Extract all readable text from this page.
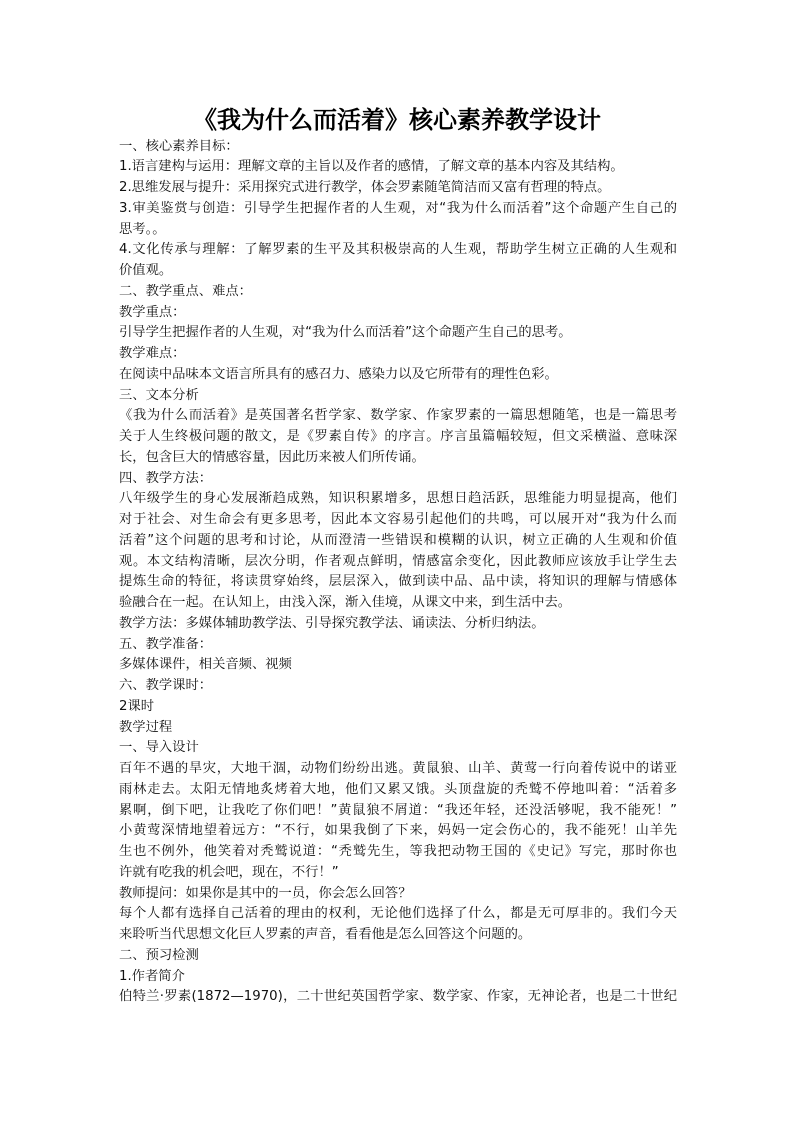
《我为什么而活着》核心素养教学设计
一、核心素养目标：
1.语言建构与运用：理解文章的主旨以及作者的感情，了解文章的基本内容及其结构。
2.思维发展与提升：采用探究式进行教学，体会罗素随笔简洁而又富有哲理的特点。
3.审美鉴赏与创造：引导学生把握作者的人生观，对“我为什么而活着”这个命题产生自己的
思考。。
4.文化传承与理解：了解罗素的生平及其积极崇高的人生观，帮助学生树立正确的人生观和
价值观。
二、教学重点、难点：
教学重点：
引导学生把握作者的人生观，对“我为什么而活着”这个命题产生自己的思考。
教学难点：
在阅读中品味本文语言所具有的感召力、感染力以及它所带有的理性色彩。
三、文本分析
《我为什么而活着》是英国著名哲学家、数学家、作家罗素的一篇思想随笔，也是一篇思考
关于人生终极问题的散文，是《罗素自传》的序言。序言虽篇幅较短，但文采横溢、意味深
长，包含巨大的情感容量，因此历来被人们所传诵。
四、教学方法：
八年级学生的身心发展渐趋成熟，知识积累增多，思想日趋活跃，思维能力明显提高，他们
对于社会、对生命会有更多思考，因此本文容易引起他们的共鸣，可以展开对“我为什么而
活着”这个问题的思考和讨论，从而澄清一些错误和模糊的认识，树立正确的人生观和价值
观。本文结构清晰，层次分明，作者观点鲜明，情感富余变化，因此教师应该放手让学生去
提炼生命的特征，将读贯穿始终，层层深入，做到读中品、品中读，将知识的理解与情感体
验融合在一起。在认知上，由浅入深，渐入佳境，从课文中来，到生活中去。
教学方法：多媒体辅助教学法、引导探究教学法、诵读法、分析归纳法。
五、教学准备：
多媒体课件，相关音频、视频
六、教学课时：
2课时
教学过程
一、导入设计
百年不遇的旱灾，大地干涸，动物们纷纷出逃。黄鼠狼、山羊、黄莺一行向着传说中的诺亚
雨林走去。太阳无情地炙烤着大地，他们又累又饿。头顶盘旋的秃鹫不停地叫着：“活着多
累啊，倒下吧，让我吃了你们吧！”黄鼠狼不屑道：“我还年轻，还没活够呢，我不能死！”
小黄莺深情地望着远方：“不行，如果我倒了下来，妈妈一定会伤心的，我不能死！山羊先
生也不例外，他笑着对秃鹫说道：“秃鹫先生，等我把动物王国的《史记》写完，那时你也
许就有吃我的机会吧，现在，不行！”
教师提问：如果你是其中的一员，你会怎么回答？
每个人都有选择自己活着的理由的权利，无论他们选择了什么，都是无可厚非的。我们今天
来聆听当代思想文化巨人罗素的声音，看看他是怎么回答这个问题的。
二、预习检测
1.作者简介
伯特兰·罗素(1872—1970)，二十世纪英国哲学家、数学家、作家，无神论者，也是二十世纪
